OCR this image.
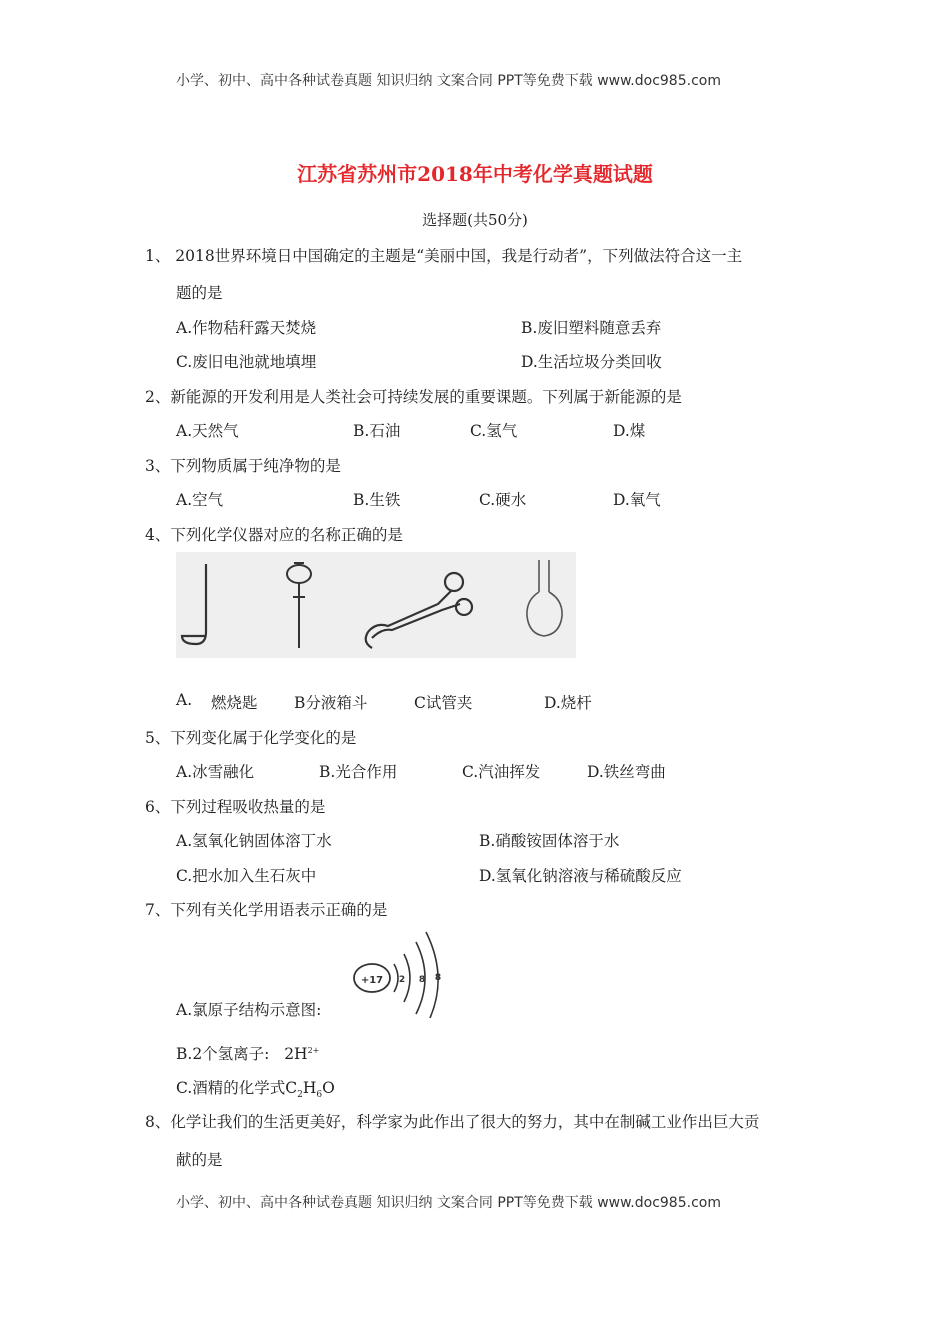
小学、初中、高中各种试卷真题 知识归纳 文案合同 PPT等免费下载 www.doc985.com
江苏省苏州市2018年中考化学真题试题
选择题(共50分)
1、 2018世界环境日中国确定的主题是“美丽中国，我是行动者”，下列做法符合这一主
题的是
A.作物秸秆露天焚烧	B.废旧塑料随意丢弃
C.废旧电池就地填埋	D.生活垃圾分类回收
2、新能源的开发利用是人类社会可持续发展的重要课题。下列属于新能源的是
A.天然气	B.石油	C.氢气	D.煤
3、下列物质属于纯净物的是
A.空气	B.生铁	C.硬水	D.氧气
4、下列化学仪器对应的名称正确的是
A. 燃烧匙 B分液箱斗	C试管夹	D.烧杆
5、下列变化属于化学变化的是
A.冰雪融化	B.光合作用	C.汽油挥发	D.铁丝弯曲
6、下列过程吸收热量的是
A.氢氧化钠固体溶丁水	B.硝酸铵固体溶于水
C.把水加入生石灰中	D.氢氧化钠溶液与稀硫酸反应
7、下列有关化学用语表示正确的是
A.氯原子结构示意图:
+17 2 8 8
B.2个氢离子: $2H^{2+}$
C.酒精的化学式$C_2H_6O$
8、化学让我们的生活更美好，科学家为此作出了很大的努力，其中在制碱工业作出巨大贡
献的是
小学、初中、高中各种试卷真题 知识归纳 文案合同 PPT等免费下载 www.doc985.com
